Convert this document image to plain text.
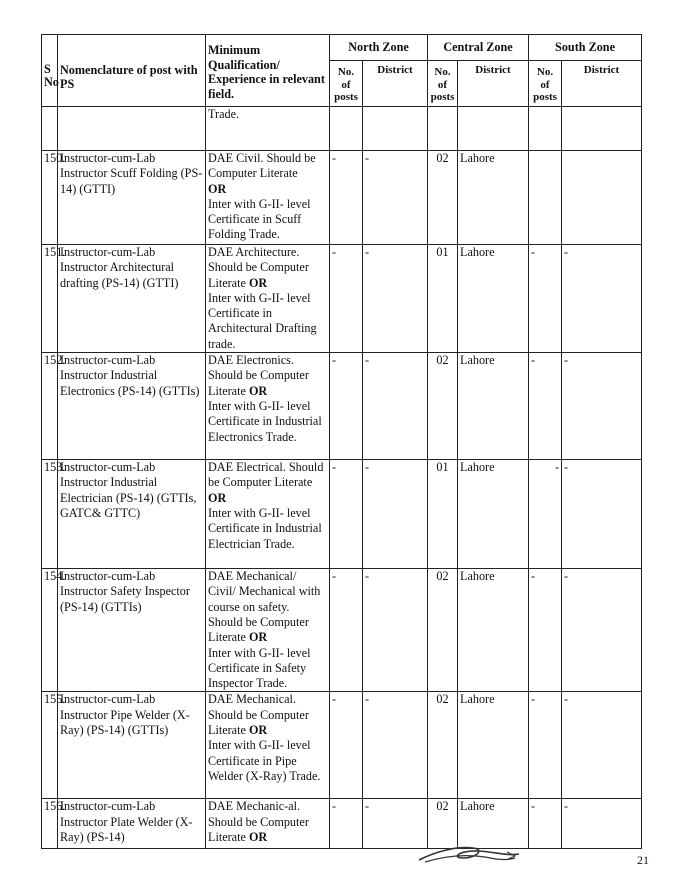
S No	Nomenclature of post with PS	Minimum Qualification/ Experience in relevant field.	North Zone		Central Zone		South Zone	
			No. of posts	District	No. of posts	District	No. of posts	District
		Trade.						
150.	Instructor-cum-Lab Instructor Scuff Folding (PS-14) (GTTI)	DAE Civil. Should be Computer Literate
OR
Inter with G-II- level Certificate in Scuff Folding Trade.	-	-	02	Lahore		
151.	Instructor-cum-Lab Instructor Architectural drafting (PS-14) (GTTI)	DAE Architecture. Should be Computer Literate OR
Inter with G-II- level Certificate in Architectural Drafting trade.	-	-	01	Lahore	-	-
152.	Instructor-cum-Lab Instructor Industrial Electronics (PS-14) (GTTIs)	DAE Electronics. Should be Computer Literate OR
Inter with G-II- level Certificate in Industrial Electronics Trade.	-	-	02	Lahore	-	-
153.	Instructor-cum-Lab Instructor Industrial Electrician (PS-14) (GTTIs, GATC& GTTC)	DAE Electrical. Should be Computer Literate OR
Inter with G-II- level Certificate in Industrial Electrician Trade.	-	-	01	Lahore	-	-
154.	Instructor-cum-Lab Instructor Safety Inspector (PS-14) (GTTIs)	DAE Mechanical/ Civil/ Mechanical with course on safety. Should be Computer Literate OR
Inter with G-II- level Certificate in Safety Inspector Trade.	-	-	02	Lahore	-	-
155.	Instructor-cum-Lab Instructor Pipe Welder (X-Ray) (PS-14) (GTTIs)	DAE Mechanical. Should be Computer Literate OR
Inter with G-II- level Certificate in Pipe Welder (X-Ray) Trade.	-	-	02	Lahore	-	-
156.	Instructor-cum-Lab Instructor Plate Welder (X-Ray) (PS-14)	DAE Mechanic-al. Should be Computer Literate OR	-	-	02	Lahore	-	-
21
